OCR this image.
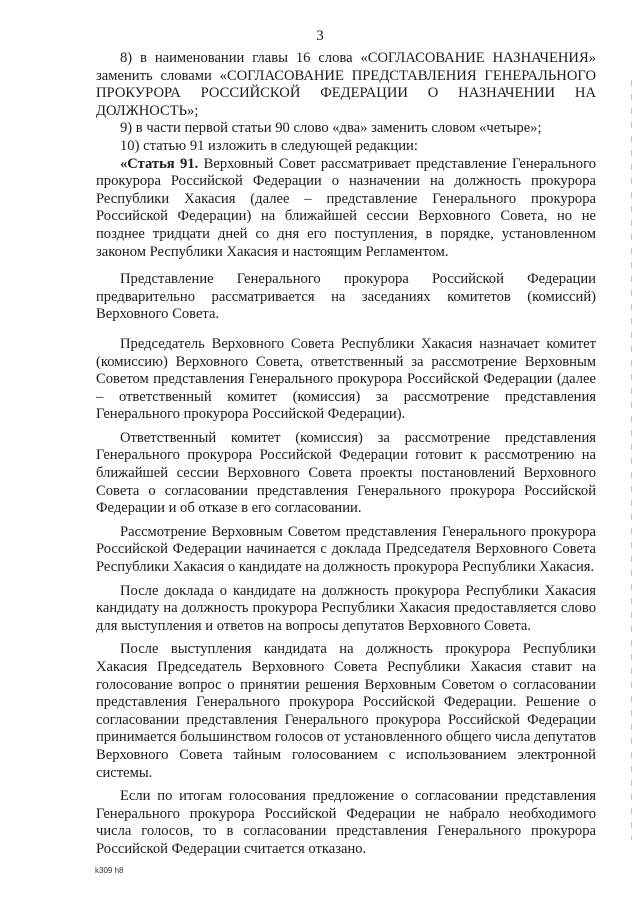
3

8) в наименовании главы 16 слова «СОГЛАСОВАНИЕ НАЗНАЧЕНИЯ» заменить словами «СОГЛАСОВАНИЕ ПРЕДСТАВЛЕНИЯ ГЕНЕРАЛЬНОГО ПРОКУРОРА РОССИЙСКОЙ ФЕДЕРАЦИИ О НАЗНАЧЕНИИ НА ДОЛЖНОСТЬ»;

9) в части первой статьи 90 слово «два» заменить словом «четыре»;

10) статью 91 изложить в следующей редакции:

«Статья 91. Верховный Совет рассматривает представление Генерального прокурора Российской Федерации о назначении на должность прокурора Республики Хакасия (далее – представление Генерального прокурора Российской Федерации) на ближайшей сессии Верховного Совета, но не позднее тридцати дней со дня его поступления, в порядке, установленном законом Республики Хакасия и настоящим Регламентом.

Представление Генерального прокурора Российской Федерации предварительно рассматривается на заседаниях комитетов (комиссий) Верховного Совета.

Председатель Верховного Совета Республики Хакасия назначает комитет (комиссию) Верховного Совета, ответственный за рассмотрение Верховным Советом представления Генерального прокурора Российской Федерации (далее – ответственный комитет (комиссия) за рассмотрение представления Генерального прокурора Российской Федерации).

Ответственный комитет (комиссия) за рассмотрение представления Генерального прокурора Российской Федерации готовит к рассмотрению на ближайшей сессии Верховного Совета проекты постановлений Верховного Совета о согласовании представления Генерального прокурора Российской Федерации и об отказе в его согласовании.

Рассмотрение Верховным Советом представления Генерального прокурора Российской Федерации начинается с доклада Председателя Верховного Совета Республики Хакасия о кандидате на должность прокурора Республики Хакасия.

После доклада о кандидате на должность прокурора Республики Хакасия кандидату на должность прокурора Республики Хакасия предоставляется слово для выступления и ответов на вопросы депутатов Верховного Совета.

После выступления кандидата на должность прокурора Республики Хакасия Председатель Верховного Совета Республики Хакасия ставит на голосование вопрос о принятии решения Верховным Советом о согласовании представления Генерального прокурора Российской Федерации. Решение о согласовании представления Генерального прокурора Российской Федерации принимается большинством голосов от установленного общего числа депутатов Верховного Совета тайным голосованием с использованием электронной системы.

Если по итогам голосования предложение о согласовании представления Генерального прокурора Российской Федерации не набрало необходимого числа голосов, то в согласовании представления Генерального прокурора Российской Федерации считается отказано.

k309 h8
